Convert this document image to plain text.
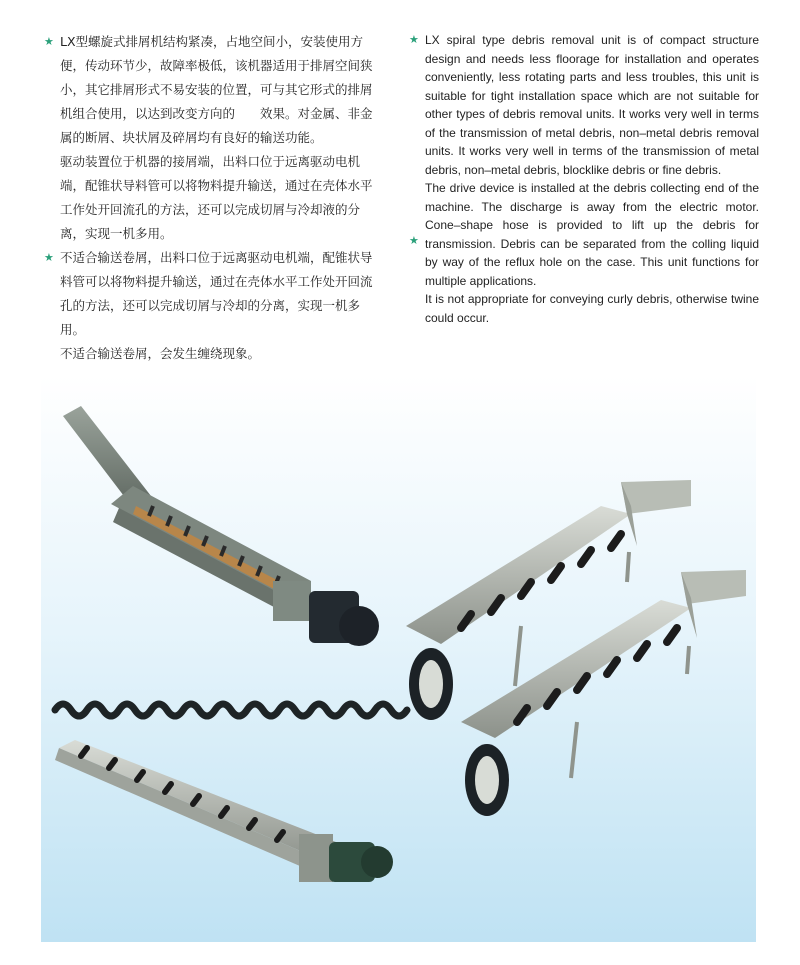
★ LX型螺旋式排屑机结构紧凑，占地空间小，安装使用方便，传动环节少，故障率极低，该机器适用于排屑空间狭小，其它排屑形式不易安装的位置，可与其它形式的排屑机组合使用，以达到改变方向的　　效果。对金属、非金属的断屑、块状屑及碎屑均有良好的输送功能。

驱动装置位于机器的接屑端，出料口位于远离驱动电机端，配锥状导料管可以将物料提升输送，通过在壳体水平工作处开回流孔的方法，还可以完成切屑与冷却液的分离，实现一机多用。

★ 不适合输送卷屑，出料口位于远离驱动电机端，配锥状导料管可以将物料提升输送，通过在壳体水平工作处开回流孔的方法，还可以完成切屑与冷却的分离，实现一机多用。

不适合输送卷屑，会发生缠绕现象。

★
★

LX spiral type debris removal unit is of compact structure design and needs less floorage for installation and operates conveniently, less rotating parts and less troubles, this unit is suitable for tight installation space which are not suitable for other types of debris removal units. It works very well in terms of the transmission of metal debris, non–metal debris removal units. It works very well in terms of the transmission of metal debris, non–metal debris, blocklike debris or fine debris.

The drive device is installed at the debris collecting end of the machine. The discharge is away from the electric motor. Cone–shape hose is provided to lift up the debris for transmission. Debris can be separated from the colling liquid by way of the reflux hole on the case. This unit functions for multiple applications.

It is not appropriate for conveying curly debris, otherwise twine could occur.
